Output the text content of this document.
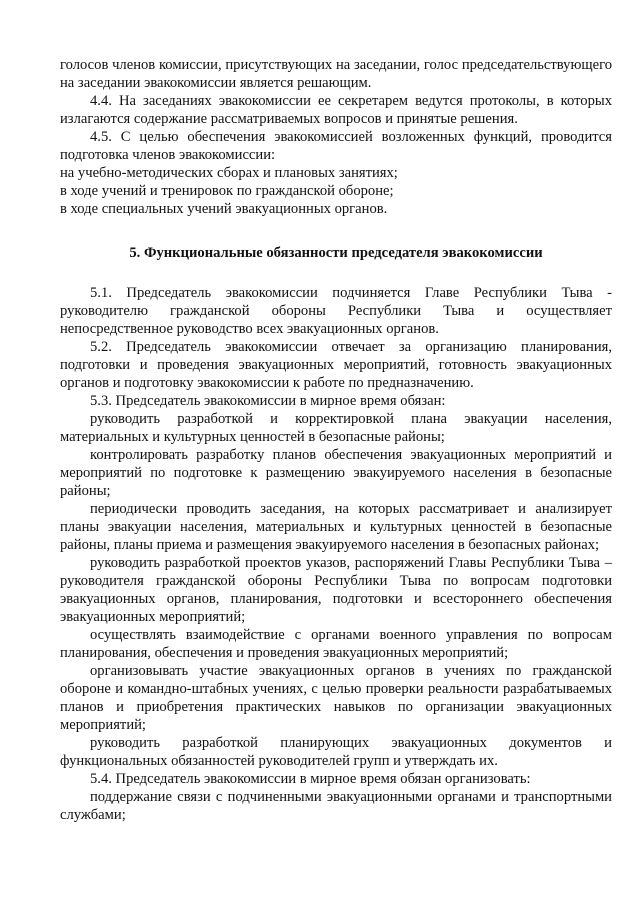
голосов членов комиссии, присутствующих на заседании, голос председательствующего на заседании эвакокомиссии является решающим.

4.4. На заседаниях эвакокомиссии ее секретарем ведутся протоколы, в которых излагаются содержание рассматриваемых вопросов и принятые решения.

4.5. С целью обеспечения эвакокомиссией возложенных функций, проводится подготовка членов эвакокомиссии:

на учебно-методических сборах и плановых занятиях;

в ходе учений и тренировок по гражданской обороне;

в ходе специальных учений эвакуационных органов.

5. Функциональные обязанности председателя эвакокомиссии

5.1. Председатель эвакокомиссии подчиняется Главе Республики Тыва - руководителю гражданской обороны Республики Тыва и осуществляет непосредственное руководство всех эвакуационных органов.

5.2. Председатель эвакокомиссии отвечает за организацию планирования, подготовки и проведения эвакуационных мероприятий, готовность эвакуационных органов и подготовку эвакокомиссии к работе по предназначению.

5.3. Председатель эвакокомиссии в мирное время обязан:

руководить разработкой и корректировкой плана эвакуации населения, материальных и культурных ценностей в безопасные районы;

контролировать разработку планов обеспечения эвакуационных мероприятий и мероприятий по подготовке к размещению эвакуируемого населения в безопасные районы;

периодически проводить заседания, на которых рассматривает и анализирует планы эвакуации населения, материальных и культурных ценностей в безопасные районы, планы приема и размещения эвакуируемого населения в безопасных районах;

руководить разработкой проектов указов, распоряжений Главы Республики Тыва – руководителя гражданской обороны Республики Тыва по вопросам подготовки эвакуационных органов, планирования, подготовки и всестороннего обеспечения эвакуационных мероприятий;

осуществлять взаимодействие с органами военного управления по вопросам планирования, обеспечения и проведения эвакуационных мероприятий;

организовывать участие эвакуационных органов в учениях по гражданской обороне и командно-штабных учениях, с целью проверки реальности разрабатываемых планов и приобретения практических навыков по организации эвакуационных мероприятий;

руководить разработкой планирующих эвакуационных документов и функциональных обязанностей руководителей групп и утверждать их.

5.4. Председатель эвакокомиссии в мирное время обязан организовать:

поддержание связи с подчиненными эвакуационными органами и транспортными службами;
